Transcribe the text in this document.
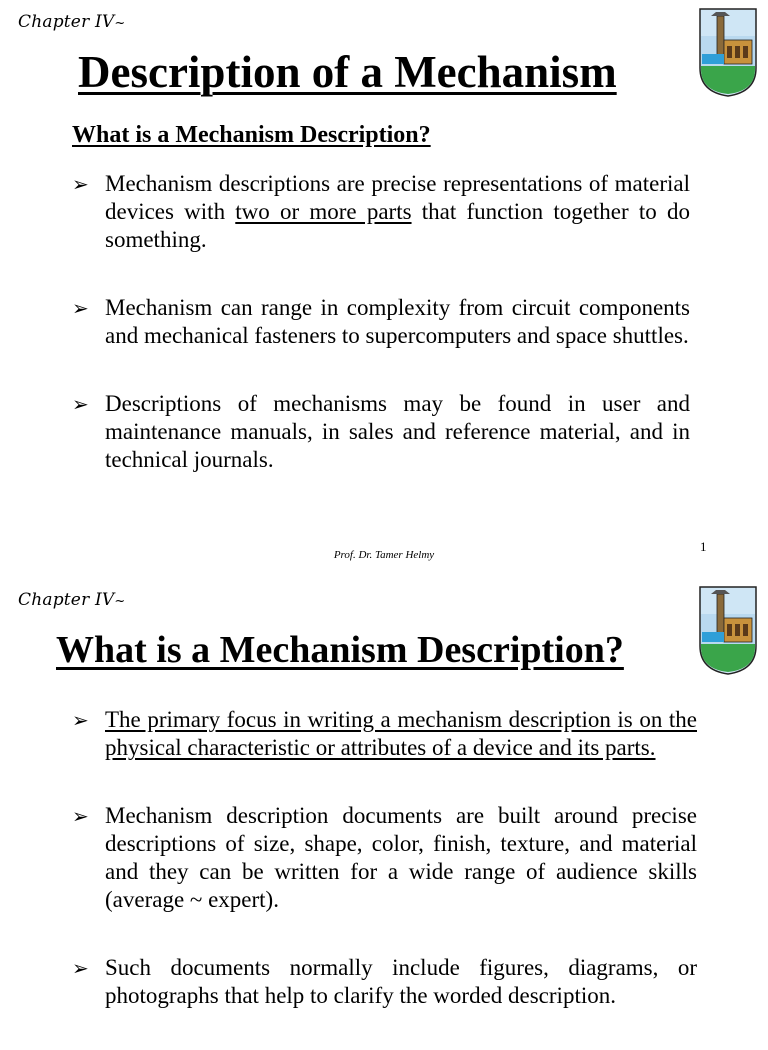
Chapter IV~
Description of a Mechanism
What is a Mechanism Description?
➢ Mechanism descriptions are precise representations of material devices with two or more parts that function together to do something.
➢ Mechanism can range in complexity from circuit components and mechanical fasteners to supercomputers and space shuttles.
➢ Descriptions of mechanisms may be found in user and maintenance manuals, in sales and reference material, and in technical journals.
Prof. Dr. Tamer Helmy
1
Chapter IV~
What is a Mechanism Description?
➢ The primary focus in writing a mechanism description is on the physical characteristic or attributes of a device and its parts.
➢ Mechanism description documents are built around precise descriptions of size, shape, color, finish, texture, and material and they can be written for a wide range of audience skills (average ~ expert).
➢ Such documents normally include figures, diagrams, or photographs that help to clarify the worded description.
